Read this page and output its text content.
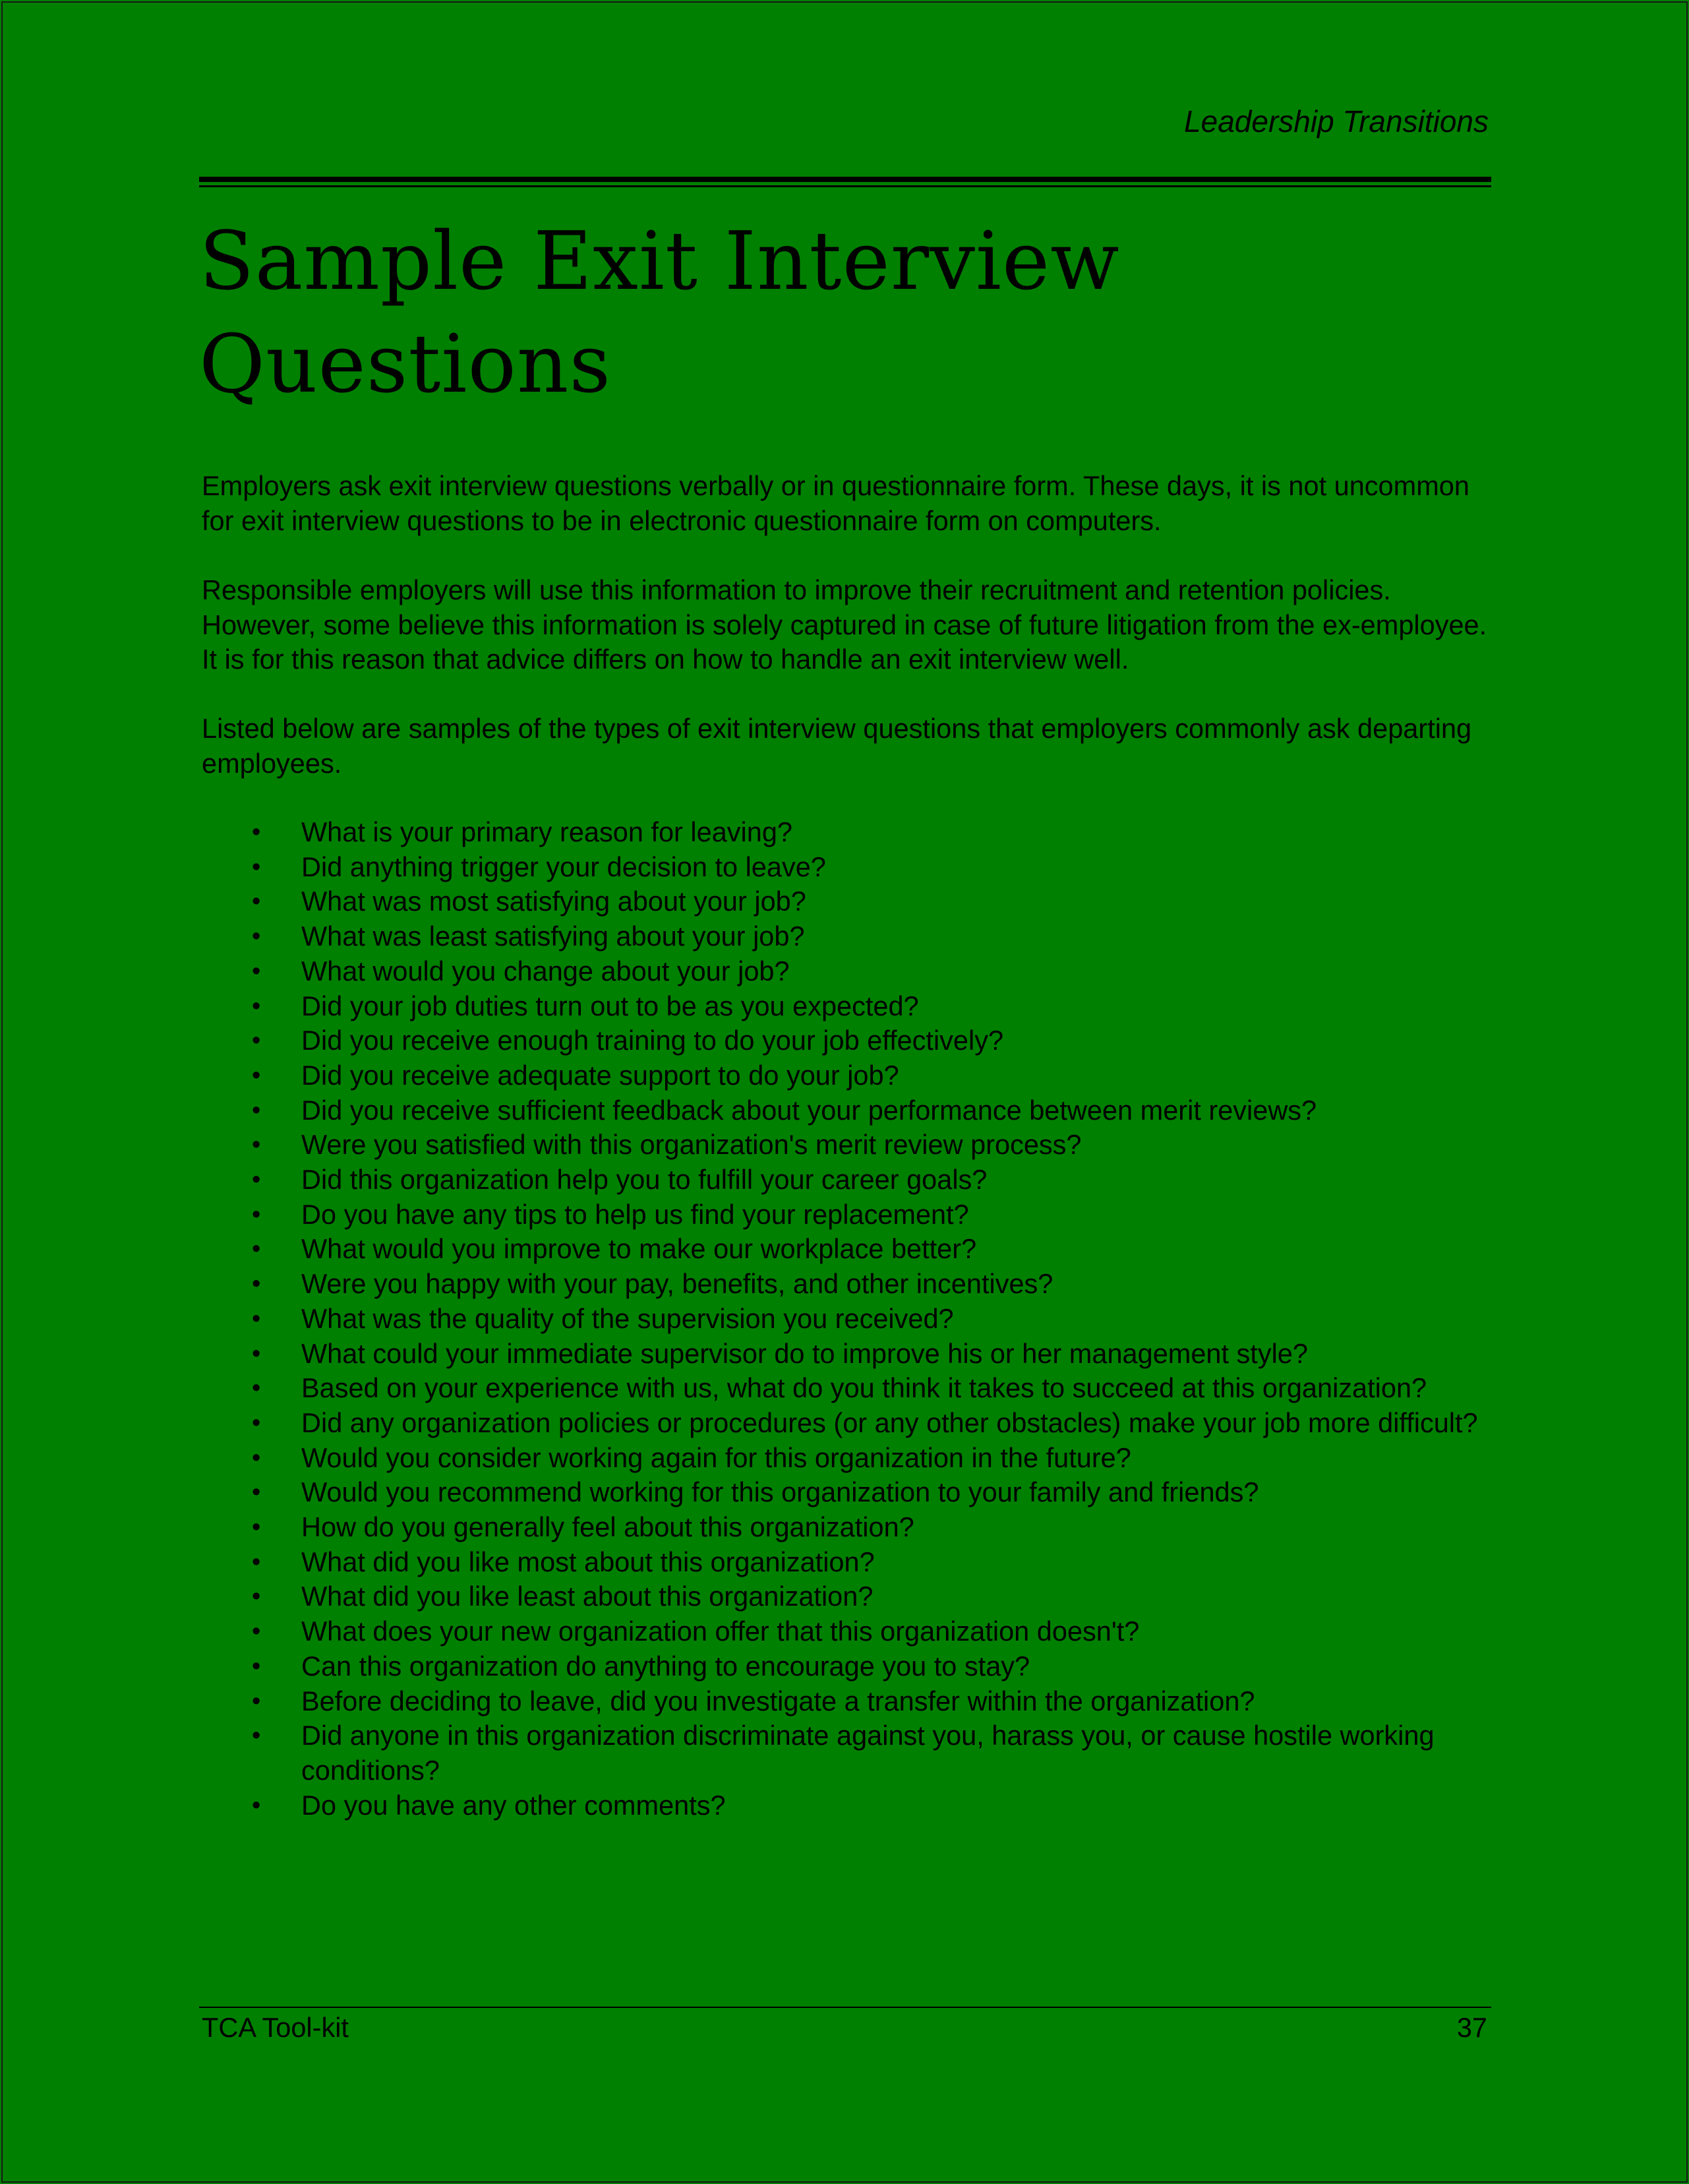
Leadership Transitions
Sample Exit Interview
Questions

Employers ask exit interview questions verbally or in questionnaire form. These days, it is not uncommon for exit interview questions to be in electronic questionnaire form on computers.

Responsible employers will use this information to improve their recruitment and retention policies. However, some believe this information is solely captured in case of future litigation from the ex-employee. It is for this reason that advice differs on how to handle an exit interview well.

Listed below are samples of the types of exit interview questions that employers commonly ask departing employees.

• What is your primary reason for leaving?
• Did anything trigger your decision to leave?
• What was most satisfying about your job?
• What was least satisfying about your job?
• What would you change about your job?
• Did your job duties turn out to be as you expected?
• Did you receive enough training to do your job effectively?
• Did you receive adequate support to do your job?
• Did you receive sufficient feedback about your performance between merit reviews?
• Were you satisfied with this organization's merit review process?
• Did this organization help you to fulfill your career goals?
• Do you have any tips to help us find your replacement?
• What would you improve to make our workplace better?
• Were you happy with your pay, benefits, and other incentives?
• What was the quality of the supervision you received?
• What could your immediate supervisor do to improve his or her management style?
• Based on your experience with us, what do you think it takes to succeed at this organization?
• Did any organization policies or procedures (or any other obstacles) make your job more difficult?
• Would you consider working again for this organization in the future?
• Would you recommend working for this organization to your family and friends?
• How do you generally feel about this organization?
• What did you like most about this organization?
• What did you like least about this organization?
• What does your new organization offer that this organization doesn't?
• Can this organization do anything to encourage you to stay?
• Before deciding to leave, did you investigate a transfer within the organization?
• Did anyone in this organization discriminate against you, harass you, or cause hostile working conditions?
• Do you have any other comments?
TCA Tool-kit	37
